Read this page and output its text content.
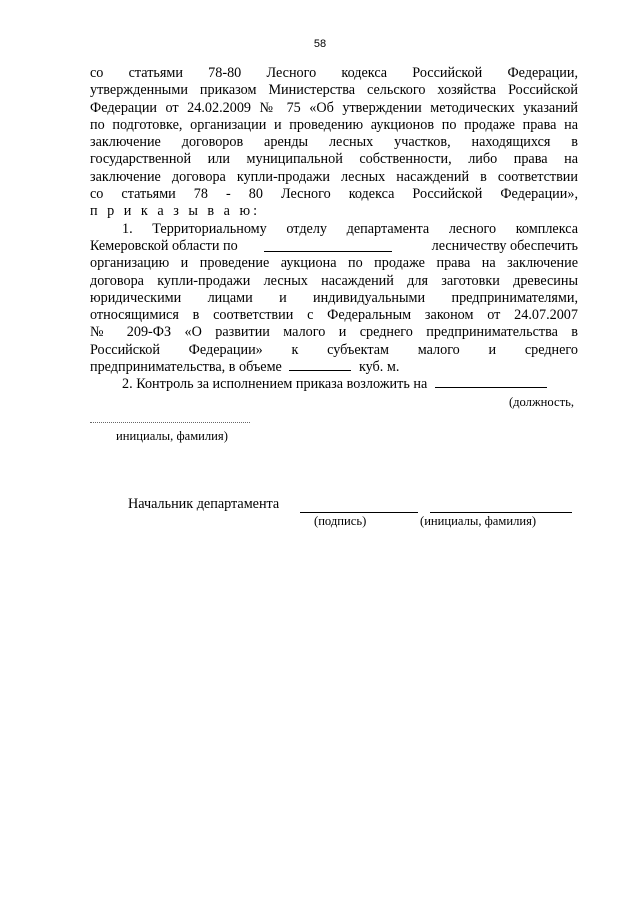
58
со статьями 78-80 Лесного кодекса Российской Федерации,
утвержденными приказом Министерства сельского хозяйства Российской
Федерации от 24.02.2009 № 75 «Об утверждении методических указаний
по подготовке, организации и проведению аукционов по продаже права на
заключение договоров аренды лесных участков, находящихся в
государственной или муниципальной собственности, либо права на
заключение договора купли-продажи лесных насаждений в соответствии
со статьями 78 - 80 Лесного кодекса Российской Федерации»,
п р и к а з ы в а ю:
1. Территориальному отделу департамента лесного комплекса
Кемеровской области по	лесничеству обеспечить
организацию и проведение аукциона по продаже права на заключение
договора купли-продажи лесных насаждений для заготовки древесины
юридическими лицами и индивидуальными предпринимателями,
относящимися в соответствии с Федеральным законом от 24.07.2007
№ 209-ФЗ «О развитии малого и среднего предпринимательства в
Российской Федерации» к субъектам малого и среднего
предпринимательства, в объеме	куб. м.
2. Контроль за исполнением приказа возложить на
(должность,
инициалы, фамилия)
Начальник департамента
(подпись)	(инициалы, фамилия)
